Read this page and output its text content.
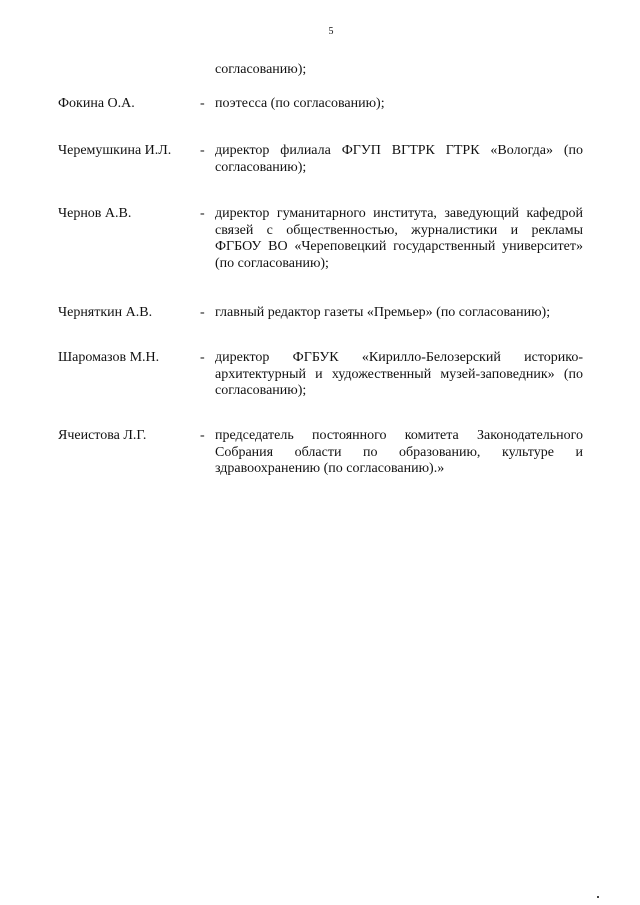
5
согласованию);
Фокина О.А.	- поэтесса (по согласованию);
Черемушкина И.Л. - директор филиала ФГУП ВГТРК ГТРК «Вологда» (по согласованию);
Чернов А.В.	- директор гуманитарного института, заведующий кафедрой связей с общественностью, журналистики и рекламы ФГБОУ ВО «Череповецкий государственный университет» (по согласованию);
Черняткин А.В.	- главный редактор газеты «Премьер» (по согласованию);
Шаромазов М.Н.	- директор ФГБУК «Кирилло-Белозерский историко-архитектурный и художественный музей-заповедник» (по согласованию);
Ячеистова Л.Г.	- председатель постоянного комитета Законодательного Собрания области по образованию, культуре и здравоохранению (по согласованию).»
